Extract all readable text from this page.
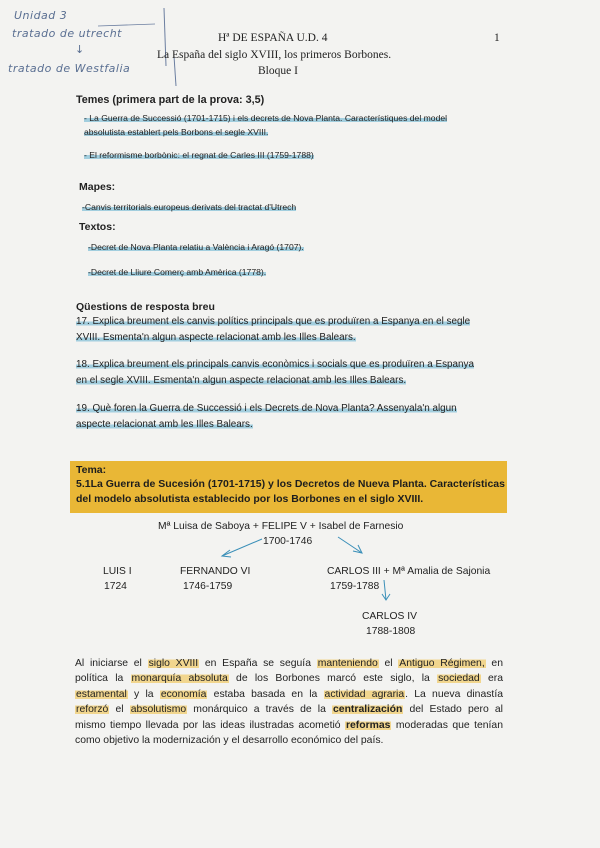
Unidad 3
tratado de utrecht
↓
tratado de Westfalia
Hª DE ESPAÑA U.D. 4	1
La España del siglo XVIII, los primeros Borbones.
Bloque I
Temes (primera part de la prova: 3,5)
- La Guerra de Successió (1701-1715) i els decrets de Nova Planta. Característiques del model
absolutista establert pels Borbons el segle XVIII.
- El reformisme borbònic: el regnat de Carles III (1759-1788)
Mapes:
-Canvis territorials europeus derivats del tractat d'Utrech
Textos:
-Decret de Nova Planta relatiu a València i Aragó (1707).
-Decret de Lliure Comerç amb Amèrica (1778).
Qüestions de resposta breu
17. Explica breument els canvis polítics principals que es produïren a Espanya en el segle
XVIII. Esmenta'n algun aspecte relacionat amb les Illes Balears.
18. Explica breument els principals canvis econòmics i socials que es produïren a Espanya
en el segle XVIII. Esmenta'n algun aspecte relacionat amb les Illes Balears.
19. Què foren la Guerra de Successió i els Decrets de Nova Planta? Assenyala'n algun
aspecte relacionat amb les Illes Balears.
Tema:
5.1La Guerra de Sucesión (1701-1715) y los Decretos de Nueva Planta. Características
del modelo absolutista establecido por los Borbones en el siglo XVIII.
Mª Luisa de Saboya + FELIPE V + Isabel de Farnesio
1700-1746
LUIS I
1724
FERNANDO VI
1746-1759
CARLOS III + Mª Amalia de Sajonia
1759-1788
CARLOS IV
1788-1808
Al iniciarse el siglo XVIII en España se seguía manteniendo el Antiguo Régimen, en
política la monarquía absoluta de los Borbones marcó este siglo, la sociedad era
estamental y la economía estaba basada en la actividad agraria. La nueva dinastía
reforzó el absolutismo monárquico a través de la centralización del Estado pero al
mismo tiempo llevada por las ideas ilustradas acometió reformas moderadas que tenían
como objetivo la modernización y el desarrollo económico del país.
